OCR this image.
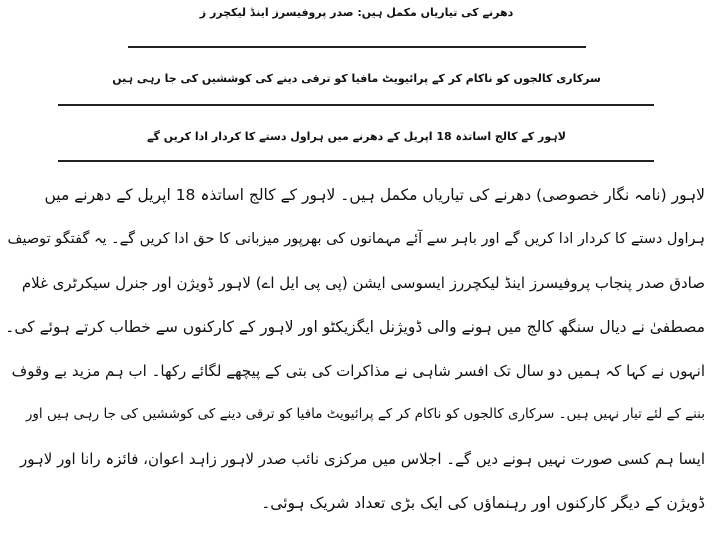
دھرنے کی تیاریاں مکمل ہیں: صدر پروفیسرز اینڈ لیکچرر ز
سرکاری کالجوں کو ناکام کر کے پرائیویٹ مافیا کو ترقی دینے کی کوششیں کی جا رہی ہیں
لاہور کے کالج اساتذہ 18 اپریل کے دھرنے میں ہراول دستے کا کردار ادا کریں گے
لاہور (نامہ نگار خصوصی) دھرنے کی تیاریاں مکمل ہیں۔ لاہور کے کالج اساتذہ 18 اپریل کے دھرنے میں
ہراول دستے کا کردار ادا کریں گے اور باہر سے آئے مہمانوں کی بھرپور میزبانی کا حق ادا کریں گے۔ یہ گفتگو توصیف
صادق صدر پنجاب پروفیسرز اینڈ لیکچررز ایسوسی ایشن (پی پی ایل اے) لاہور ڈویژن اور جنرل سیکرٹری غلام
مصطفیٰ نے دیال سنگھ کالج میں ہونے والی ڈویژنل ایگزیکٹو اور لاہور کے کارکنوں سے خطاب کرتے ہوئے کی۔
انہوں نے کہا کہ ہمیں دو سال تک افسر شاہی نے مذاکرات کی بتی کے پیچھے لگائے رکھا۔ اب ہم مزید بے وقوف
بننے کے لئے تیار نہیں ہیں۔ سرکاری کالجوں کو ناکام کر کے پرائیویٹ مافیا کو ترقی دینے کی کوششیں کی جا رہی ہیں اور
ایسا ہم کسی صورت نہیں ہونے دیں گے۔ اجلاس میں مرکزی نائب صدر لاہور زاہد اعوان، فائزہ رانا اور لاہور
ڈویژن کے دیگر کارکنوں اور رہنماؤں کی ایک بڑی تعداد شریک ہوئی۔
